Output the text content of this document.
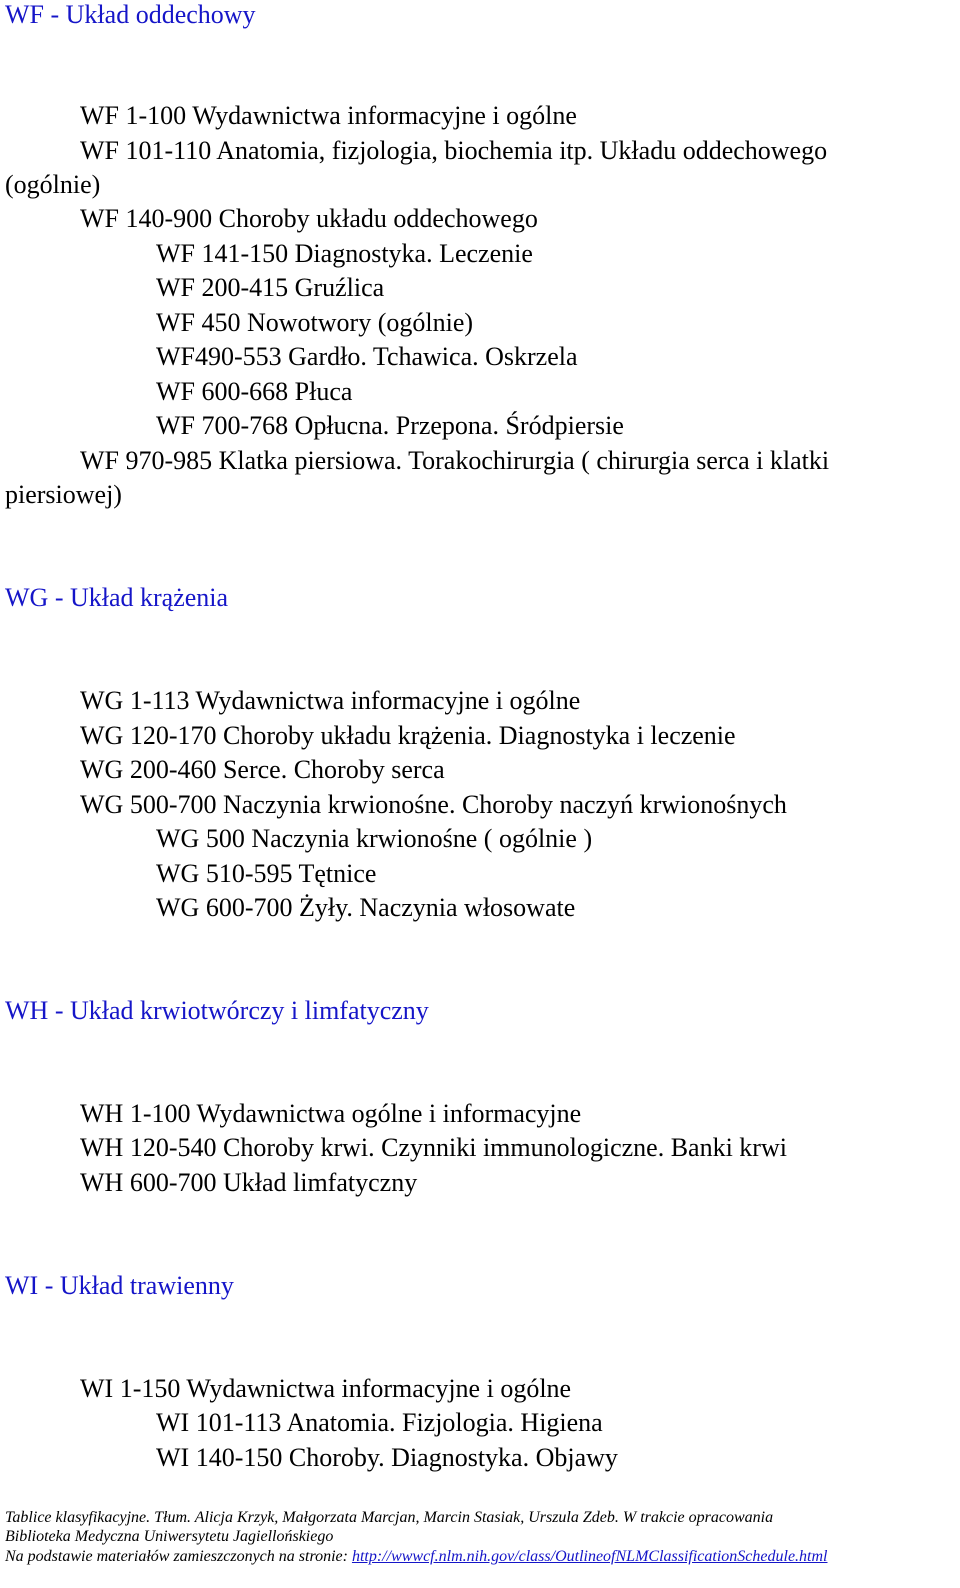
WF - Układ oddechowy
WF 1-100 Wydawnictwa informacyjne i ogólne
WF 101-110 Anatomia, fizjologia, biochemia itp. Układu oddechowego
(ogólnie)
WF 140-900 Choroby układu oddechowego
WF 141-150 Diagnostyka. Leczenie
WF 200-415 Gruźlica
WF 450 Nowotwory (ogólnie)
WF490-553 Gardło. Tchawica. Oskrzela
WF 600-668 Płuca
WF 700-768 Opłucna. Przepona. Śródpiersie
WF 970-985 Klatka piersiowa. Torakochirurgia ( chirurgia serca i klatki
piersiowej)
WG - Układ krążenia
WG 1-113 Wydawnictwa informacyjne i ogólne
WG 120-170 Choroby układu krążenia. Diagnostyka i leczenie
WG 200-460 Serce. Choroby serca
WG 500-700 Naczynia krwionośne. Choroby naczyń krwionośnych
WG 500 Naczynia krwionośne ( ogólnie )
WG 510-595 Tętnice
WG 600-700 Żyły. Naczynia włosowate
WH - Układ krwiotwórczy i limfatyczny
WH 1-100 Wydawnictwa ogólne i informacyjne
WH 120-540 Choroby krwi. Czynniki immunologiczne. Banki krwi
WH 600-700 Układ limfatyczny
WI - Układ trawienny
WI 1-150 Wydawnictwa informacyjne i ogólne
WI 101-113 Anatomia. Fizjologia. Higiena
WI 140-150 Choroby. Diagnostyka. Objawy
Tablice klasyfikacyjne. Tłum. Alicja Krzyk, Małgorzata Marcjan, Marcin Stasiak, Urszula Zdeb. W trakcie opracowania
Biblioteka Medyczna Uniwersytetu Jagiellońskiego
Na podstawie materiałów zamieszczonych na stronie: http://wwwcf.nlm.nih.gov/class/OutlineofNLMClassificationSchedule.html
